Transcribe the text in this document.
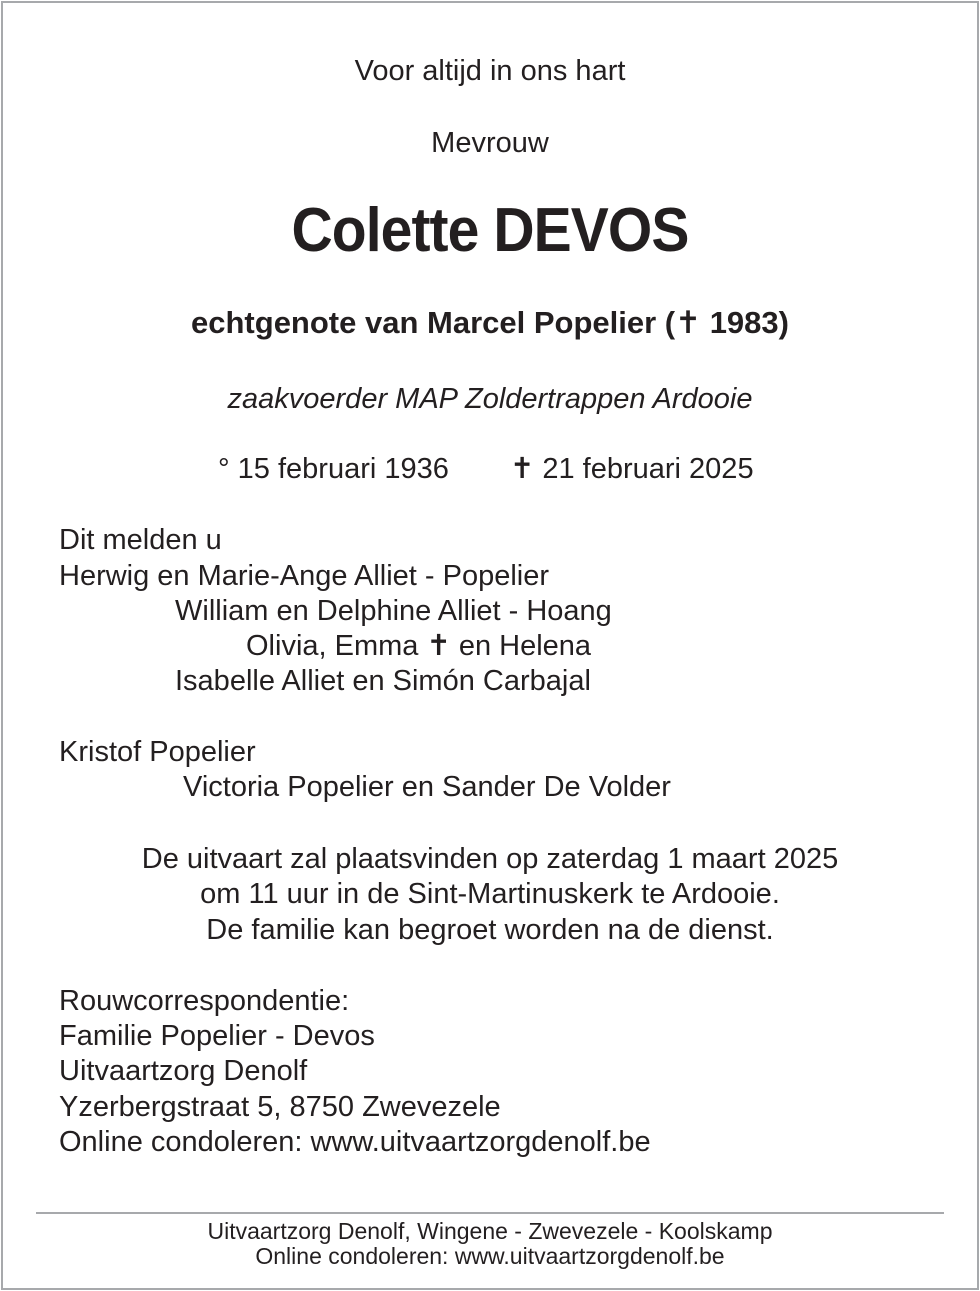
Voor altijd in ons hart
Mevrouw
Colette DEVOS
echtgenote van Marcel Popelier (✝ 1983)
zaakvoerder MAP Zoldertrappen Ardooie
° 15 februari 1936 ✝ 21 februari 2025
Dit melden u
Herwig en Marie-Ange Alliet - Popelier
William en Delphine Alliet - Hoang
Olivia, Emma ✝ en Helena
Isabelle Alliet en Simón Carbajal
Kristof Popelier
Victoria Popelier en Sander De Volder
De uitvaart zal plaatsvinden op zaterdag 1 maart 2025
om 11 uur in de Sint-Martinuskerk te Ardooie.
De familie kan begroet worden na de dienst.
Rouwcorrespondentie:
Familie Popelier - Devos
Uitvaartzorg Denolf
Yzerbergstraat 5, 8750 Zwevezele
Online condoleren: www.uitvaartzorgdenolf.be
Uitvaartzorg Denolf, Wingene - Zwevezele - Koolskamp
Online condoleren: www.uitvaartzorgdenolf.be
